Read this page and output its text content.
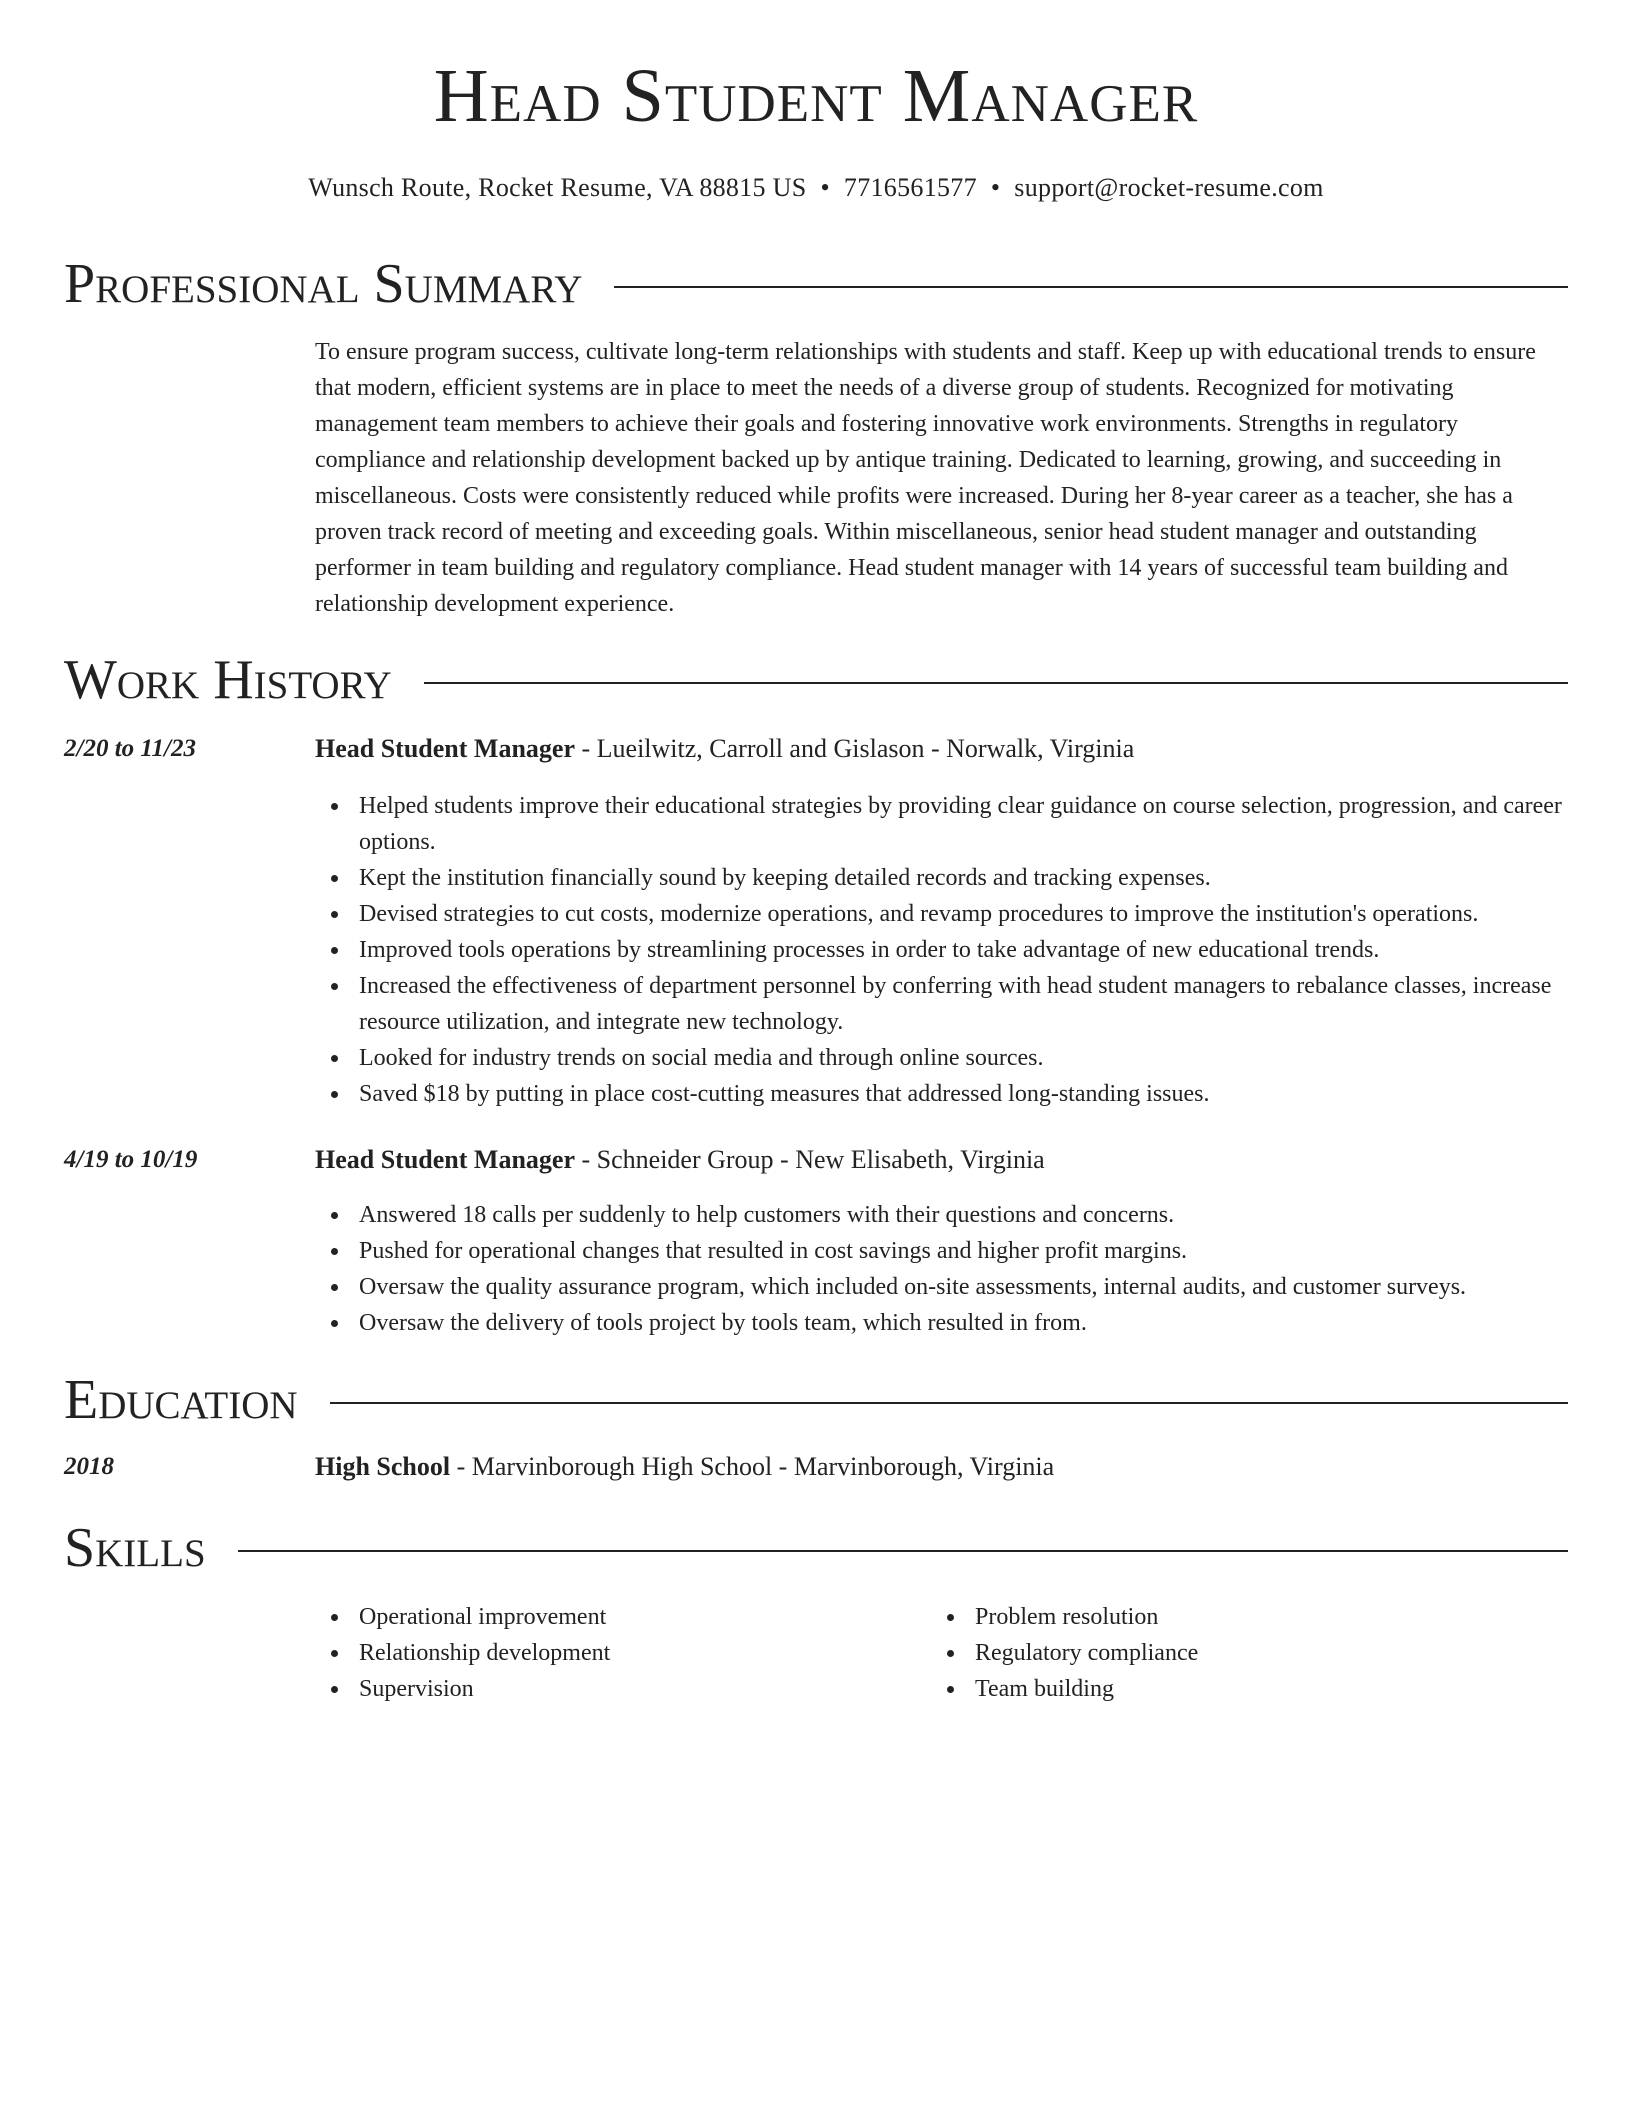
Head Student Manager
Wunsch Route, Rocket Resume, VA 88815 US • 7716561577 • support@rocket-resume.com
Professional Summary
To ensure program success, cultivate long-term relationships with students and staff. Keep up with educational trends to ensure that modern, efficient systems are in place to meet the needs of a diverse group of students. Recognized for motivating management team members to achieve their goals and fostering innovative work environments. Strengths in regulatory compliance and relationship development backed up by antique training. Dedicated to learning, growing, and succeeding in miscellaneous. Costs were consistently reduced while profits were increased. During her 8-year career as a teacher, she has a proven track record of meeting and exceeding goals. Within miscellaneous, senior head student manager and outstanding performer in team building and regulatory compliance. Head student manager with 14 years of successful team building and relationship development experience.
Work History
2/20 to 11/23	Head Student Manager - Lueilwitz, Carroll and Gislason - Norwalk, Virginia
Helped students improve their educational strategies by providing clear guidance on course selection, progression, and career options.
Kept the institution financially sound by keeping detailed records and tracking expenses.
Devised strategies to cut costs, modernize operations, and revamp procedures to improve the institution's operations.
Improved tools operations by streamlining processes in order to take advantage of new educational trends.
Increased the effectiveness of department personnel by conferring with head student managers to rebalance classes, increase resource utilization, and integrate new technology.
Looked for industry trends on social media and through online sources.
Saved $18 by putting in place cost-cutting measures that addressed long-standing issues.
4/19 to 10/19	Head Student Manager - Schneider Group - New Elisabeth, Virginia
Answered 18 calls per suddenly to help customers with their questions and concerns.
Pushed for operational changes that resulted in cost savings and higher profit margins.
Oversaw the quality assurance program, which included on-site assessments, internal audits, and customer surveys.
Oversaw the delivery of tools project by tools team, which resulted in from.
Education
2018	High School - Marvinborough High School - Marvinborough, Virginia
Skills
Operational improvement
Relationship development
Supervision
Problem resolution
Regulatory compliance
Team building
